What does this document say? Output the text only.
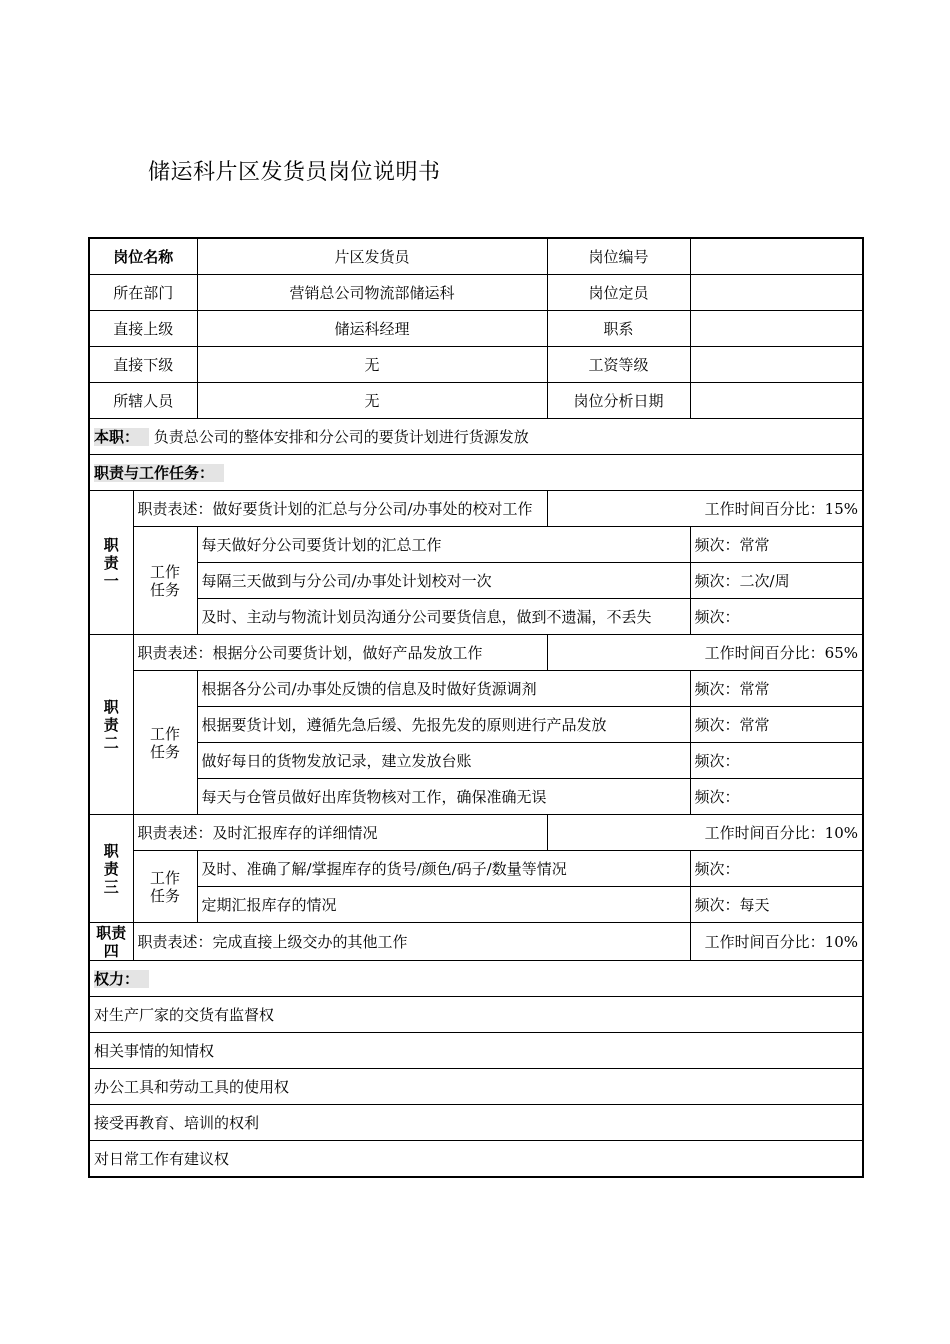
储运科片区发货员岗位说明书
岗位名称		片区发货员	岗位编号	
所在部门		营销总公司物流部储运科	岗位定员	
直接上级		储运科经理	职系	
直接下级		无	工资等级	
所辖人员		无	岗位分析日期	
本职： 负责总公司的整体安排和分公司的要货计划进行货源发放				
职责与工作任务：				
职责一	职责表述：做好要货计划的汇总与分公司/办事处的校对工作		工作时间百分比：15%	
	工作任务	每天做好分公司要货计划的汇总工作		频次：常常
		每隔三天做到与分公司/办事处计划校对一次		频次：二次/周
		及时、主动与物流计划员沟通分公司要货信息，做到不遗漏，不丢失		频次：
职责二	职责表述：根据分公司要货计划，做好产品发放工作		工作时间百分比：65%	
	工作任务	根据各分公司/办事处反馈的信息及时做好货源调剂		频次：常常
		根据要货计划，遵循先急后缓、先报先发的原则进行产品发放		频次：常常
		做好每日的货物发放记录，建立发放台账		频次：
		每天与仓管员做好出库货物核对工作，确保准确无误		频次：
职责三	职责表述：及时汇报库存的详细情况		工作时间百分比：10%	
	工作任务	及时、准确了解/掌握库存的货号/颜色/码子/数量等情况		频次：
		定期汇报库存的情况		频次：每天
职责四	职责表述：完成直接上级交办的其他工作			工作时间百分比：10%
权力：				
对生产厂家的交货有监督权				
相关事情的知情权				
办公工具和劳动工具的使用权				
接受再教育、培训的权利				
对日常工作有建议权				
